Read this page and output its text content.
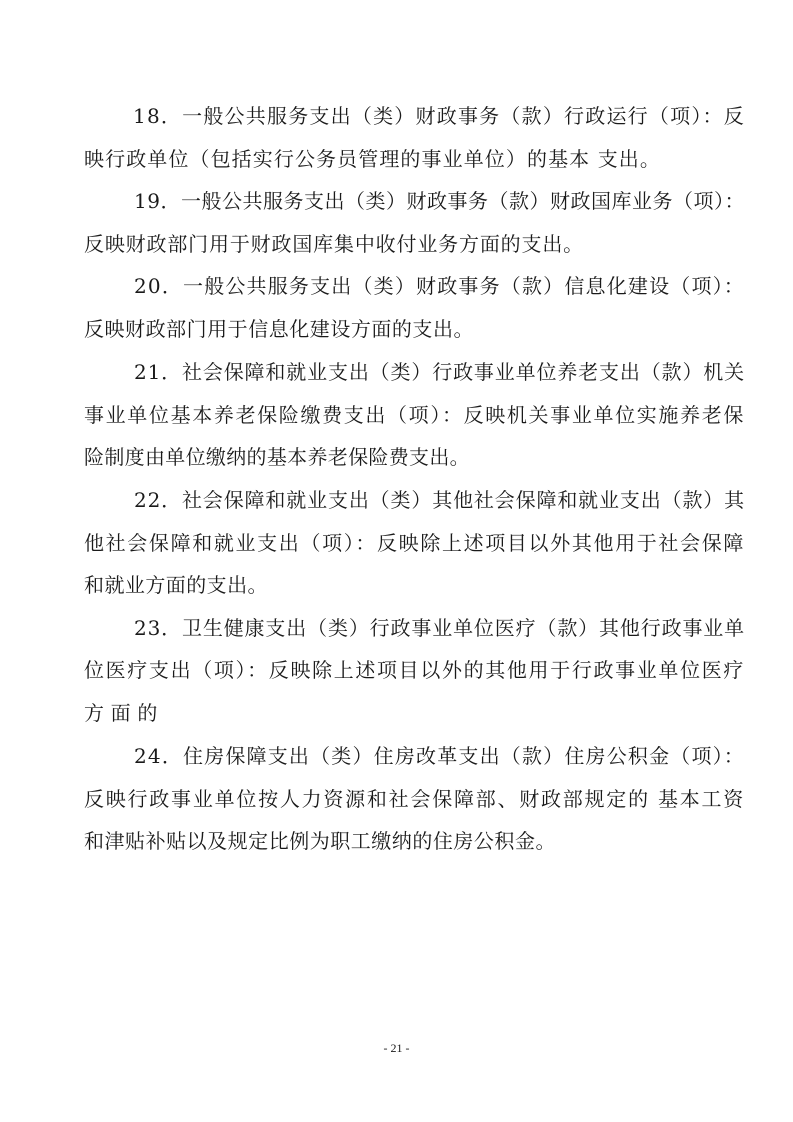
18．一般公共服务支出（类）财政事务（款）行政运行（项）：反
映行政单位（包括实行公务员管理的事业单位）的基本 支出。
19．一般公共服务支出（类）财政事务（款）财政国库业务（项）：
反映财政部门用于财政国库集中收付业务方面的支出。
20．一般公共服务支出（类）财政事务（款）信息化建设（项）：
反映财政部门用于信息化建设方面的支出。
21．社会保障和就业支出（类）行政事业单位养老支出（款）机关
事业单位基本养老保险缴费支出（项）：反映机关事业单位实施养老保
险制度由单位缴纳的基本养老保险费支出。
22．社会保障和就业支出（类）其他社会保障和就业支出（款）其
他社会保障和就业支出（项）：反映除上述项目以外其他用于社会保障
和就业方面的支出。
23．卫生健康支出（类）行政事业单位医疗（款）其他行政事业单
位医疗支出（项）：反映除上述项目以外的其他用于行政事业单位医疗
方面的
24．住房保障支出（类）住房改革支出（款）住房公积金（项）：
反映行政事业单位按人力资源和社会保障部、财政部规定的 基本工资
和津贴补贴以及规定比例为职工缴纳的住房公积金。
- 21 -
